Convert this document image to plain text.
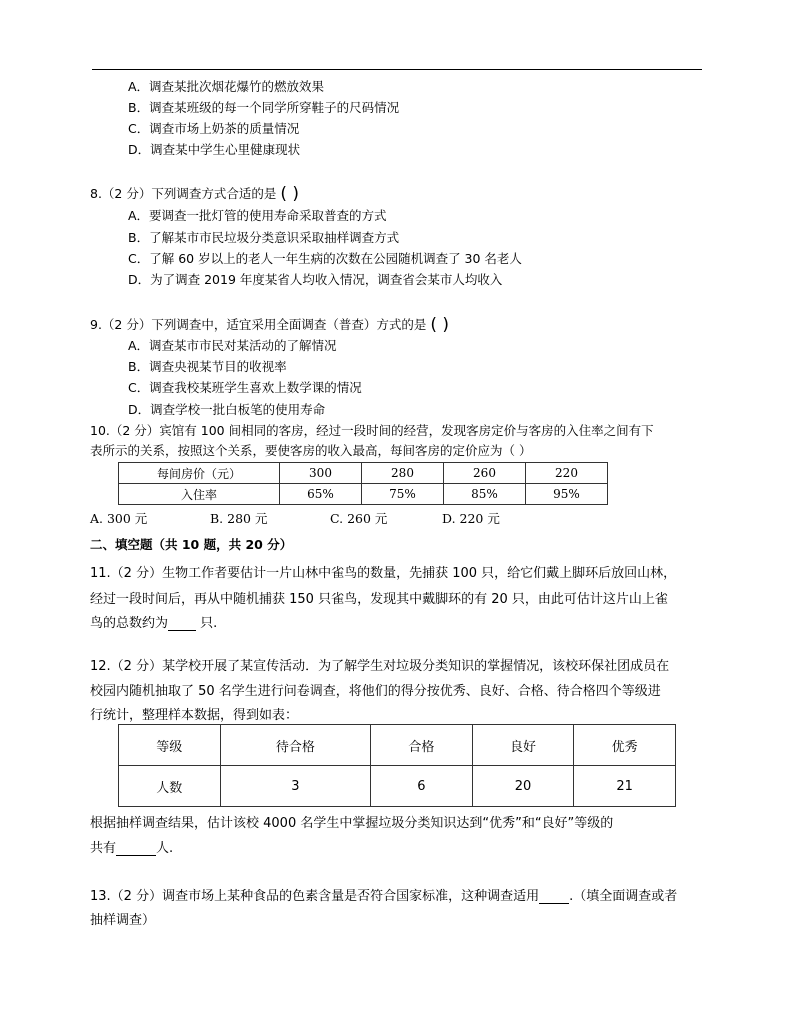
A．调查某批次烟花爆竹的燃放效果
B．调查某班级的每一个同学所穿鞋子的尺码情况
C．调查市场上奶茶的质量情况
D．调查某中学生心里健康现状
8.（2 分）下列调查方式合适的是 ( )
A．要调查一批灯管的使用寿命采取普查的方式
B．了解某市市民垃圾分类意识采取抽样调查方式
C．了解 60 岁以上的老人一年生病的次数在公园随机调查了 30 名老人
D．为了调查 2019 年度某省人均收入情况，调查省会某市人均收入
9.（2 分）下列调查中，适宜采用全面调查（普查）方式的是 ( )
A．调查某市市民对某活动的了解情况
B．调查央视某节目的收视率
C．调查我校某班学生喜欢上数学课的情况
D．调查学校一批白板笔的使用寿命
10.（2 分）宾馆有 100 间相同的客房，经过一段时间的经营，发现客房定价与客房的入住率之间有下
表所示的关系，按照这个关系，要使客房的收入最高，每间客房的定价应为（ ）
每间房价（元）	300	280	260	220
入住率	65%	75%	85%	95%
A. 300 元	B. 280 元	C. 260 元	D. 220 元
二、填空题（共 10 题，共 20 分）
11.（2 分）生物工作者要估计一片山林中雀鸟的数量，先捕获 100 只，给它们戴上脚环后放回山林，
经过一段时间后，再从中随机捕获 150 只雀鸟，发现其中戴脚环的有 20 只，由此可估计这片山上雀
鸟的总数约为 只.
12.（2 分）某学校开展了某宣传活动．为了解学生对垃圾分类知识的掌握情况，该校环保社团成员在
校园内随机抽取了 50 名学生进行问卷调查，将他们的得分按优秀、良好、合格、待合格四个等级进
行统计，整理样本数据，得到如表：
等级	待合格	合格	良好	优秀
人数	3	6	20	21
根据抽样调查结果，估计该校 4000 名学生中掌握垃圾分类知识达到“优秀”和“良好”等级的
共有	人.
13.（2 分）调查市场上某种食品的色素含量是否符合国家标准，这种调查适用 .（填全面调查或者
抽样调查）
